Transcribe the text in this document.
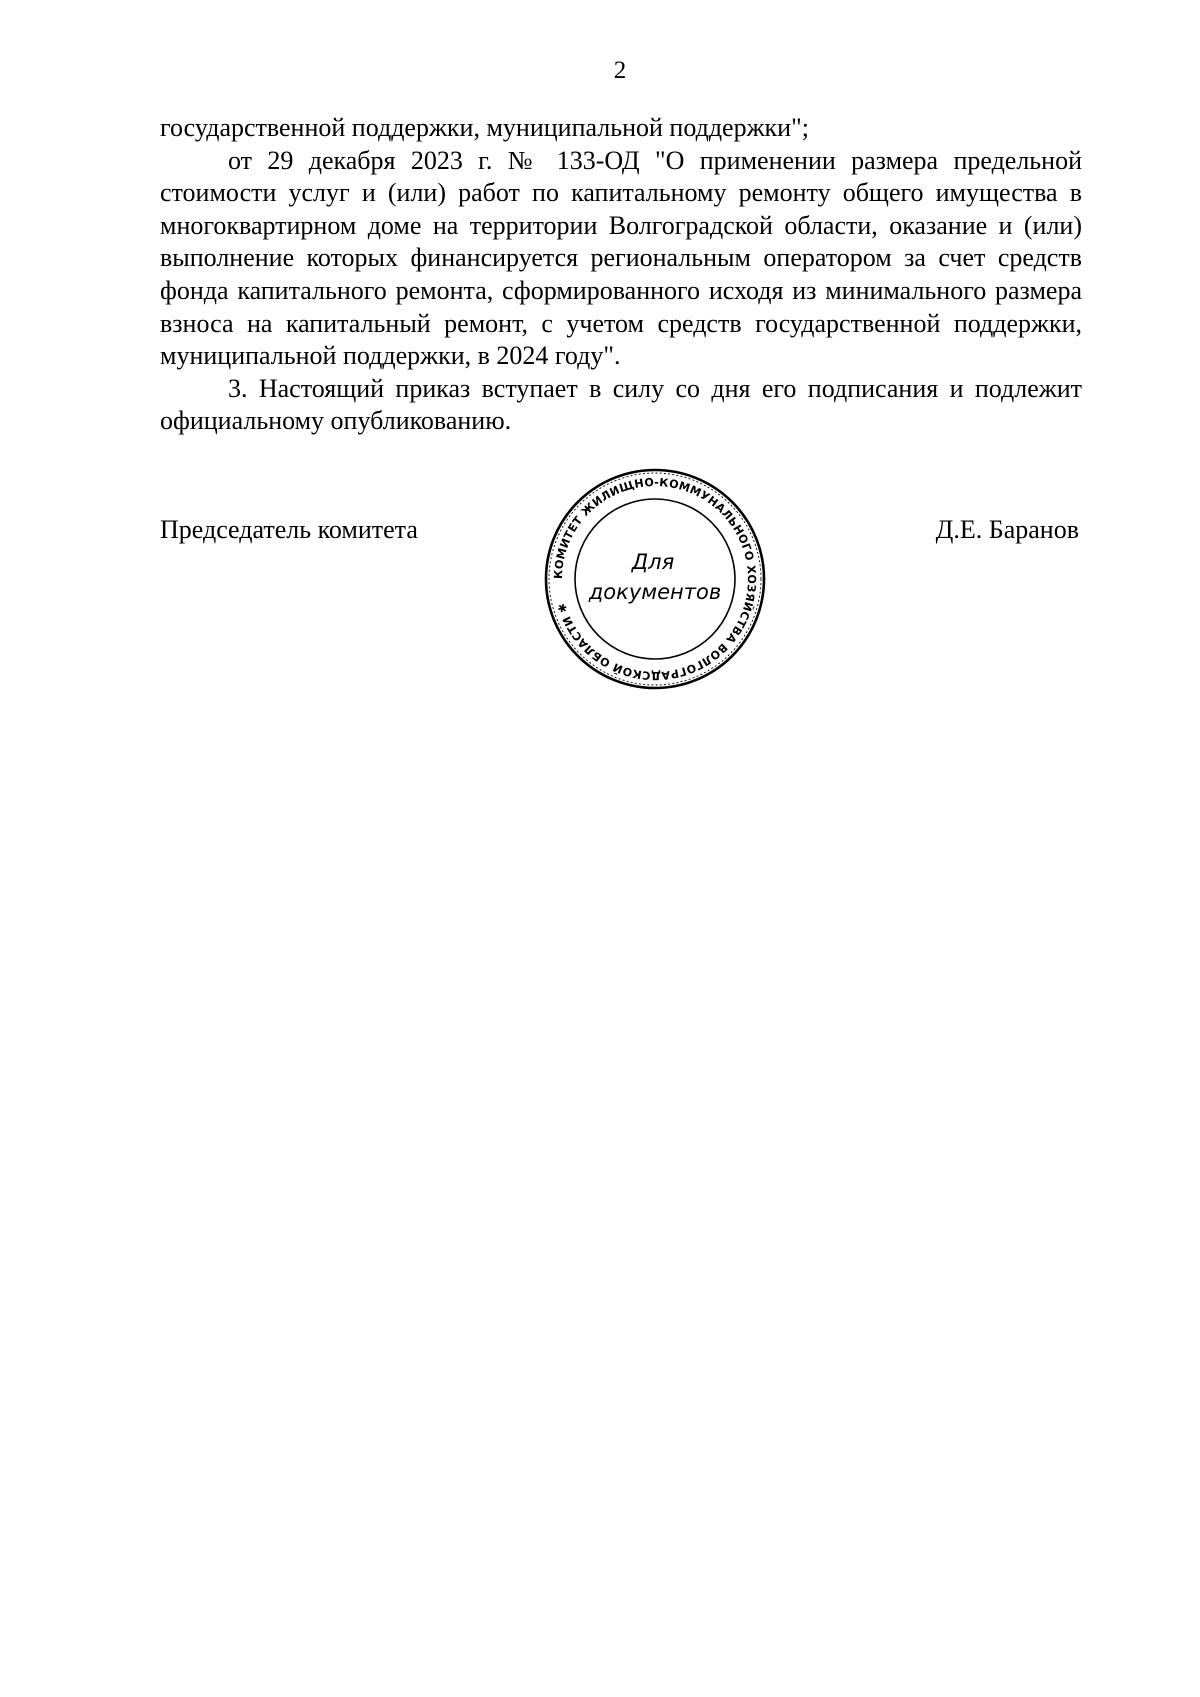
2

государственной поддержки, муниципальной поддержки";

от 29 декабря 2023 г. № 133-ОД "О применении размера предельной стоимости услуг и (или) работ по капитальному ремонту общего имущества в многоквартирном доме на территории Волгоградской области, оказание и (или) выполнение которых финансируется региональным оператором за счет средств фонда капитального ремонта, сформированного исходя из минимального размера взноса на капитальный ремонт, с учетом средств государственной поддержки, муниципальной поддержки, в 2024 году".

3. Настоящий приказ вступает в силу со дня его подписания и подлежит официальному опубликованию.

Председатель комитета
КОМИТЕТ ЖИЛИЩНО-КОММУНАЛЬНОГО ХОЗЯЙСТВА ВОЛГОГРАДСКОЙ ОБЛАСТИ ✱
Для
документов
Д.Е. Баранов
